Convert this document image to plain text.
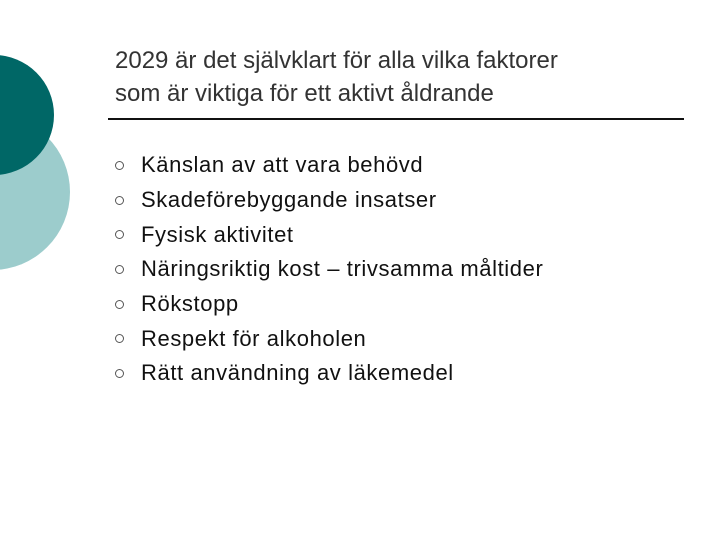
2029 är det självklart för alla vilka faktorer
som är viktiga för ett aktivt åldrande
Känslan av att vara behövd
Skadeförebyggande insatser
Fysisk aktivitet
Näringsriktig kost – trivsamma måltider
Rökstopp
Respekt för alkoholen
Rätt användning av läkemedel
